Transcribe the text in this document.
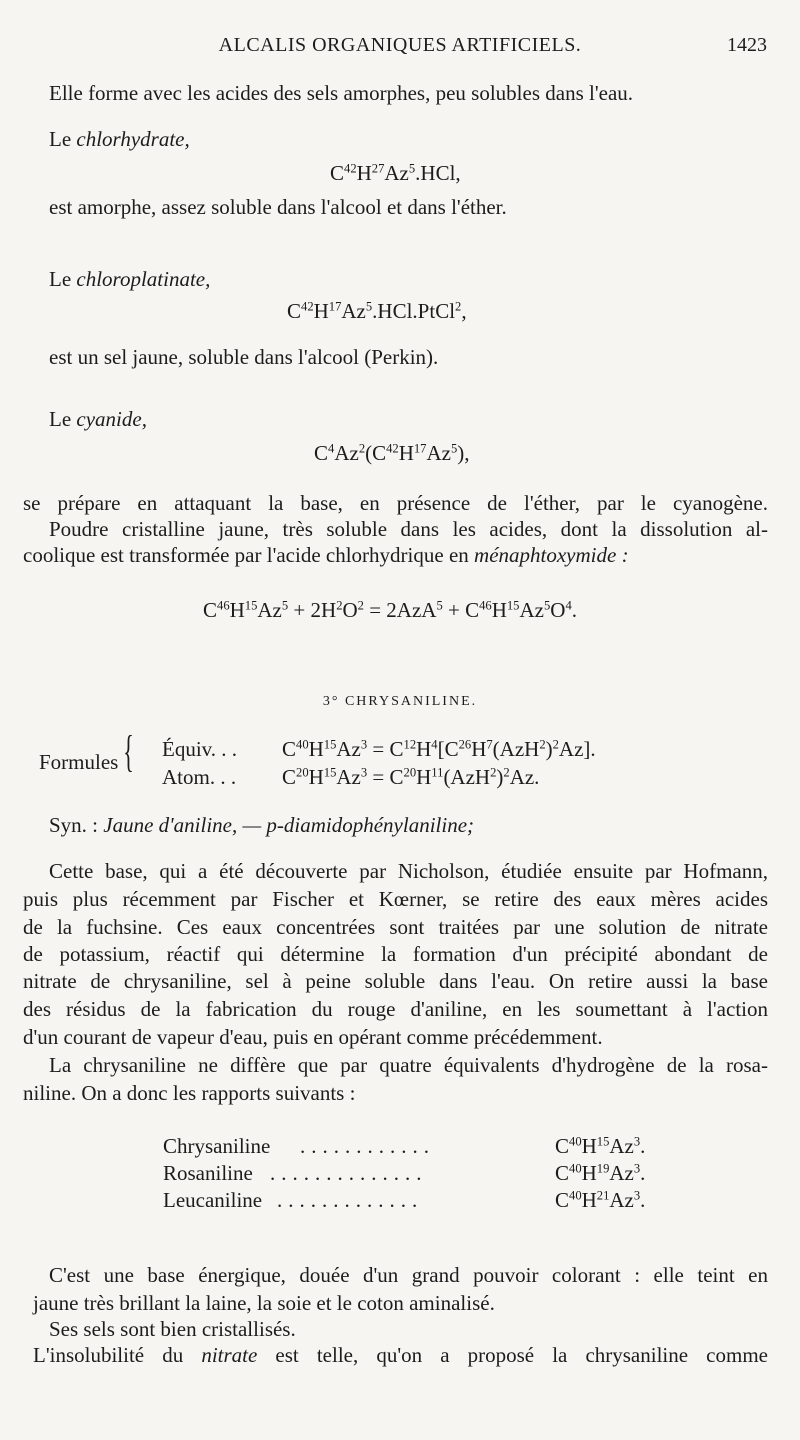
ALCALIS ORGANIQUES ARTIFICIELS.	1423
Elle forme avec les acides des sels amorphes, peu solubles dans l'eau.
Le chlorhydrate,
$C^{42}H^{27}Az^5.HCl$,
est amorphe, assez soluble dans l'alcool et dans l'éther.
Le chloroplatinate,
$C^{42}H^{17}Az^5.HCl.PtCl^2$,
est un sel jaune, soluble dans l'alcool (Perkin).
Le cyanide,
$C^4Az^2(C^{42}H^{17}Az^5)$,
se prépare en attaquant la base, en présence de l'éther, par le cyanogène.
Poudre cristalline jaune, très soluble dans les acides, dont la dissolution al-
coolique est transformée par l'acide chlorhydrique en ménaphtoxymide :
$C^{46}H^{15}Az^5 + 2H^2O^2 = 2AzA^5 + C^{46}H^{15}Az^5O^4$.
3° CHRYSANILINE.
Formules { Équiv. . . $C^{40}H^{15}Az^3 = C^{12}H^4[C^{26}H^7(AzH^2)^2Az]$.
Atom. . . $C^{20}H^{15}Az^3 = C^{20}H^{11}(AzH^2)^2Az$.
Syn. : Jaune d'aniline, — p-diamidophénylaniline;
Cette base, qui a été découverte par Nicholson, étudiée ensuite par Hofmann,
puis plus récemment par Fischer et Kœrner, se retire des eaux mères acides
de la fuchsine. Ces eaux concentrées sont traitées par une solution de nitrate
de potassium, réactif qui détermine la formation d'un précipité abondant de
nitrate de chrysaniline, sel à peine soluble dans l'eau. On retire aussi la base
des résidus de la fabrication du rouge d'aniline, en les soumettant à l'action
d'un courant de vapeur d'eau, puis en opérant comme précédemment.
La chrysaniline ne diffère que par quatre équivalents d'hydrogène de la rosa-
niline. On a donc les rapports suivants :
Chrysaniline ............	$C^{40}H^{15}Az^3$.
Rosaniline ..............	$C^{40}H^{19}Az^3$.
Leucaniline .............	$C^{40}H^{21}Az^3$.
C'est une base énergique, douée d'un grand pouvoir colorant : elle teint en
jaune très brillant la laine, la soie et le coton aminalisé.
Ses sels sont bien cristallisés.
L'insolubilité du nitrate est telle, qu'on a proposé la chrysaniline comme
